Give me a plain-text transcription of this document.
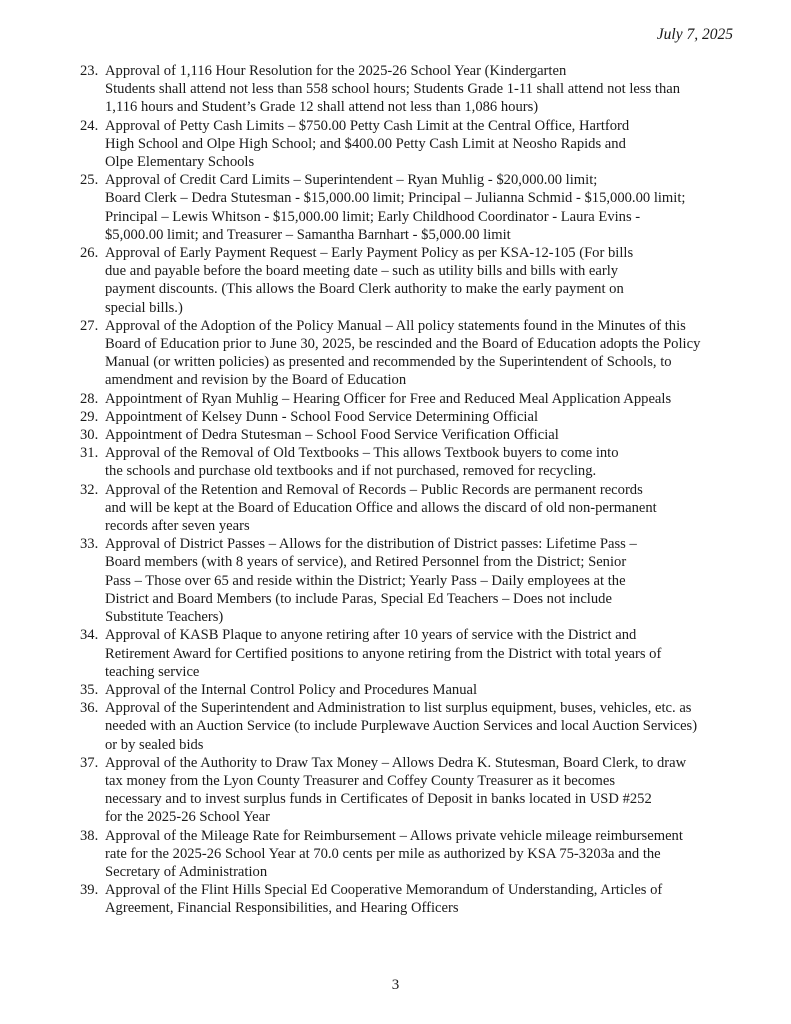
July 7, 2025
23. Approval of 1,116 Hour Resolution for the 2025-26 School Year (Kindergarten
Students shall attend not less than 558 school hours; Students Grade 1-11 shall attend not less than
1,116 hours and Student’s Grade 12 shall attend not less than 1,086 hours)
24. Approval of Petty Cash Limits – $750.00 Petty Cash Limit at the Central Office, Hartford
High School and Olpe High School; and $400.00 Petty Cash Limit at Neosho Rapids and
Olpe Elementary Schools
25. Approval of Credit Card Limits – Superintendent – Ryan Muhlig - $20,000.00 limit;
Board Clerk – Dedra Stutesman - $15,000.00 limit; Principal – Julianna Schmid - $15,000.00 limit;
Principal – Lewis Whitson - $15,000.00 limit; Early Childhood Coordinator - Laura Evins -
$5,000.00 limit; and Treasurer – Samantha Barnhart - $5,000.00 limit
26. Approval of Early Payment Request – Early Payment Policy as per KSA-12-105 (For bills
due and payable before the board meeting date – such as utility bills and bills with early
payment discounts. (This allows the Board Clerk authority to make the early payment on
special bills.)
27. Approval of the Adoption of the Policy Manual – All policy statements found in the Minutes of this
Board of Education prior to June 30, 2025, be rescinded and the Board of Education adopts the Policy
Manual (or written policies) as presented and recommended by the Superintendent of Schools, to
amendment and revision by the Board of Education
28. Appointment of Ryan Muhlig – Hearing Officer for Free and Reduced Meal Application Appeals
29. Appointment of Kelsey Dunn - School Food Service Determining Official
30. Appointment of Dedra Stutesman – School Food Service Verification Official
31. Approval of the Removal of Old Textbooks – This allows Textbook buyers to come into
the schools and purchase old textbooks and if not purchased, removed for recycling.
32. Approval of the Retention and Removal of Records – Public Records are permanent records
and will be kept at the Board of Education Office and allows the discard of old non-permanent
records after seven years
33. Approval of District Passes – Allows for the distribution of District passes: Lifetime Pass –
Board members (with 8 years of service), and Retired Personnel from the District; Senior
Pass – Those over 65 and reside within the District; Yearly Pass – Daily employees at the
District and Board Members (to include Paras, Special Ed Teachers – Does not include
Substitute Teachers)
34. Approval of KASB Plaque to anyone retiring after 10 years of service with the District and
Retirement Award for Certified positions to anyone retiring from the District with total years of
teaching service
35. Approval of the Internal Control Policy and Procedures Manual
36. Approval of the Superintendent and Administration to list surplus equipment, buses, vehicles, etc. as
needed with an Auction Service (to include Purplewave Auction Services and local Auction Services)
or by sealed bids
37. Approval of the Authority to Draw Tax Money – Allows Dedra K. Stutesman, Board Clerk, to draw
tax money from the Lyon County Treasurer and Coffey County Treasurer as it becomes
necessary and to invest surplus funds in Certificates of Deposit in banks located in USD #252
for the 2025-26 School Year
38. Approval of the Mileage Rate for Reimbursement – Allows private vehicle mileage reimbursement
rate for the 2025-26 School Year at 70.0 cents per mile as authorized by KSA 75-3203a and the
Secretary of Administration
39. Approval of the Flint Hills Special Ed Cooperative Memorandum of Understanding, Articles of
Agreement, Financial Responsibilities, and Hearing Officers
3
